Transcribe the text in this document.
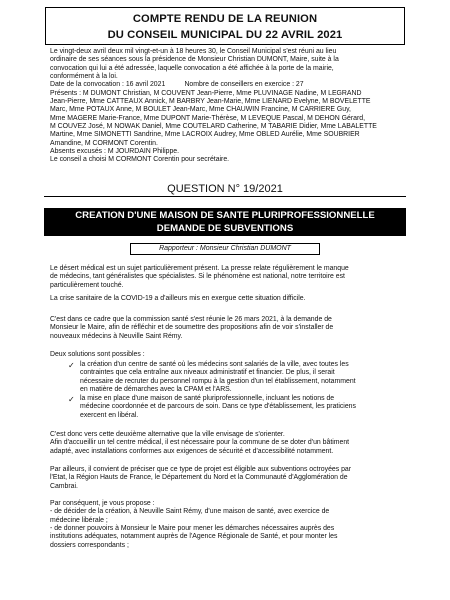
COMPTE RENDU DE LA REUNION
DU CONSEIL MUNICIPAL DU 22 AVRIL 2021
Le vingt-deux avril deux mil vingt-et-un à 18 heures 30, le Conseil Municipal s'est réuni au lieu
ordinaire de ses séances sous la présidence de Monsieur Christian DUMONT, Maire, suite à la
convocation qui lui a été adressée, laquelle convocation a été affichée à la porte de la mairie,
conformément à la loi.
Date de la convocation : 16 avril 2021          Nombre de conseillers en exercice : 27
Présents : M DUMONT Christian, M COUVENT Jean-Pierre, Mme PLUVINAGE Nadine, M LEGRAND
Jean-Pierre, Mme CATTEAUX Annick, M BARBRY Jean-Marie, Mme LIENARD Evelyne, M BOVELETTE
Marc, Mme POTAUX Anne, M BOULET Jean-Marc, Mme CHAUWIN Francine, M CARRIERE Guy,
Mme MAGERE Marie-France, Mme DUPONT Marie-Thérèse, M LEVEQUE Pascal, M DEHON Gérard,
M COUVEZ José, M NOWAK Daniel, Mme COUTELARD Catherine, M TABARIE Didier, Mme LABALETTE
Martine, Mme SIMONETTI Sandrine, Mme LACROIX Audrey, Mme OBLED Aurélie, Mme SOUBRIER
Amandine, M CORMONT Corentin.
Absents excusés : M JOURDAIN Philippe.
Le conseil a choisi M CORMONT Corentin pour secrétaire.
QUESTION N° 19/2021
CREATION D'UNE MAISON DE SANTE PLURIPROFESSIONNELLE
DEMANDE DE SUBVENTIONS
Rapporteur : Monsieur Christian DUMONT
Le désert médical est un sujet particulièrement présent. La presse relate régulièrement le manque
de médecins, tant généralistes que spécialistes. Si le phénomène est national, notre territoire est
particulièrement touché.
La crise sanitaire de la COVID-19 a d'ailleurs mis en exergue cette situation difficile.
C'est dans ce cadre que la commission santé s'est réunie le 26 mars 2021, à la demande de
Monsieur le Maire, afin de réfléchir et de soumettre des propositions afin de voir s'installer de
nouveaux médecins à Neuville Saint Rémy.
Deux solutions sont possibles :
✓ la création d'un centre de santé où les médecins sont salariés de la ville, avec toutes les
contraintes que cela entraîne aux niveaux administratif et financier. De plus, il serait
nécessaire de recruter du personnel rompu à la gestion d'un tel établissement, notamment
en matière de démarches avec la CPAM et l'ARS.
✓ la mise en place d'une maison de santé pluriprofessionnelle, incluant les notions de
médecine coordonnée et de parcours de soin. Dans ce type d'établissement, les praticiens
exercent en libéral.
C'est donc vers cette deuxième alternative que la ville envisage de s'orienter.
Afin d'accueillir un tel centre médical, il est nécessaire pour la commune de se doter d'un bâtiment
adapté, avec installations conformes aux exigences de sécurité et d'accessibilité notamment.
Par ailleurs, il convient de préciser que ce type de projet est éligible aux subventions octroyées par
l'Etat, la Région Hauts de France, le Département du Nord et la Communauté d'Agglomération de
Cambrai.
Par conséquent, je vous propose :
- de décider de la création, à Neuville Saint Rémy, d'une maison de santé, avec exercice de
médecine libérale ;
- de donner pouvoirs à Monsieur le Maire pour mener les démarches nécessaires auprès des
institutions adéquates, notamment auprès de l'Agence Régionale de Santé, et pour monter les
dossiers correspondants ;
